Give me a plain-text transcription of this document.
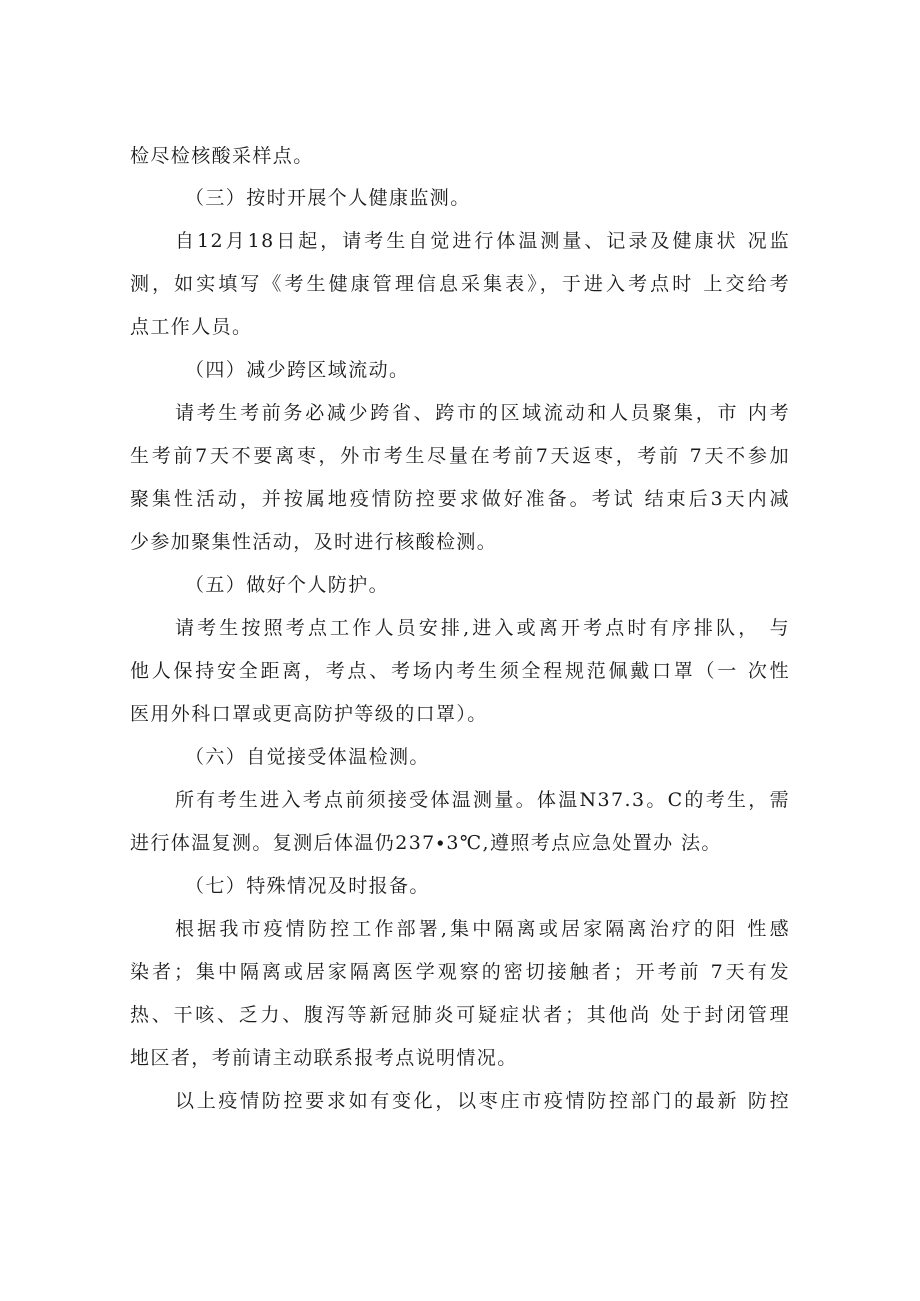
检尽检核酸采样点。
（三）按时开展个人健康监测。
自12月18日起，请考生自觉进行体温测量、记录及健康状 况监
测，如实填写《考生健康管理信息采集表》，于进入考点时 上交给考
点工作人员。
（四）减少跨区域流动。
请考生考前务必减少跨省、跨市的区域流动和人员聚集，市 内考
生考前7天不要离枣，外市考生尽量在考前7天返枣，考前 7天不参加
聚集性活动，并按属地疫情防控要求做好准备。考试 结束后3天内减
少参加聚集性活动，及时进行核酸检测。
（五）做好个人防护。
请考生按照考点工作人员安排,进入或离开考点时有序排队， 与
他人保持安全距离，考点、考场内考生须全程规范佩戴口罩（一 次性
医用外科口罩或更高防护等级的口罩）。
（六）自觉接受体温检测。
所有考生进入考点前须接受体温测量。体温N37.3。C的考生，需
进行体温复测。复测后体温仍237∙3℃,遵照考点应急处置办 法。
（七）特殊情况及时报备。
根据我市疫情防控工作部署,集中隔离或居家隔离治疗的阳 性感
染者；集中隔离或居家隔离医学观察的密切接触者；开考前 7天有发
热、干咳、乏力、腹泻等新冠肺炎可疑症状者；其他尚 处于封闭管理
地区者，考前请主动联系报考点说明情况。
以上疫情防控要求如有变化，以枣庄市疫情防控部门的最新 防控
